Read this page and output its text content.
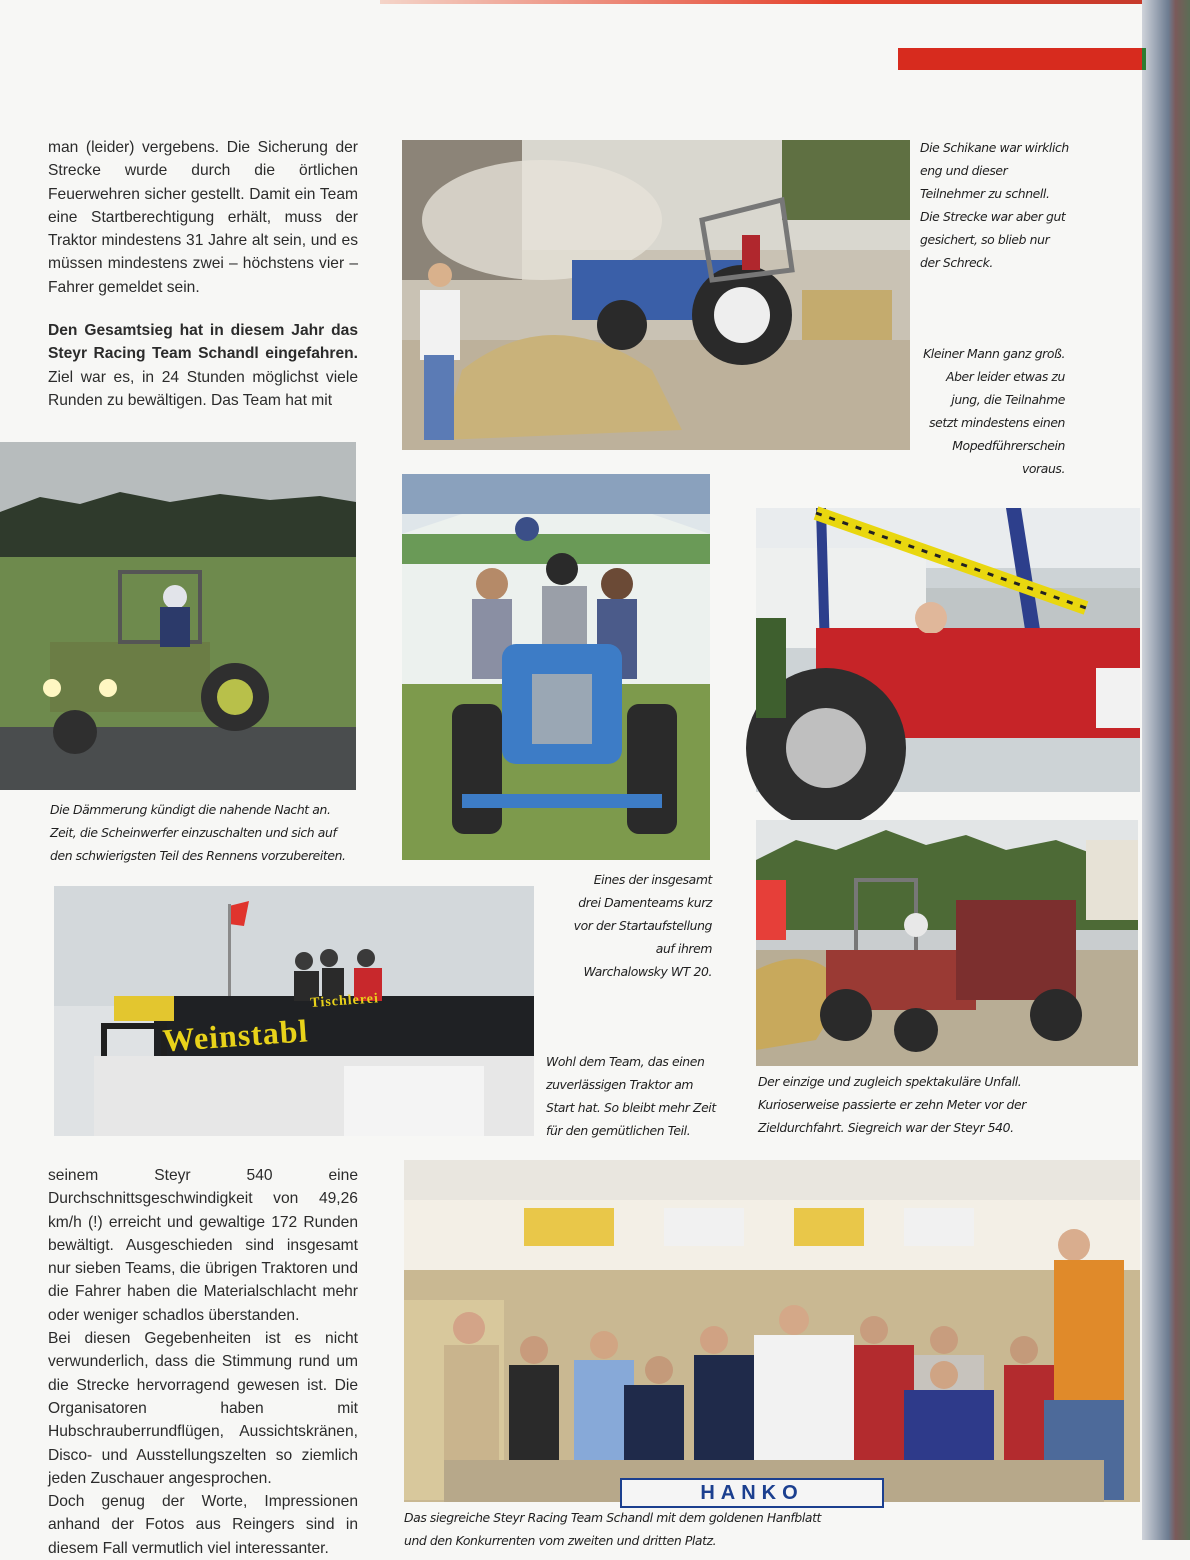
man (leider) vergebens. Die Sicherung der Strecke wurde durch die örtlichen Feuerwehren sicher gestellt. Damit ein Team eine Startberechtigung erhält, muss der Traktor mindestens 31 Jahre alt sein, und es müssen mindestens zwei – höchstens vier – Fahrer gemeldet sein.

Den Gesamtsieg hat in diesem Jahr das Steyr Racing Team Schandl eingefahren. Ziel war es, in 24 Stunden möglichst viele Runden zu bewältigen. Das Team hat mit

Die Schikane war wirklich eng und dieser Teilnehmer zu schnell. Die Strecke war aber gut gesichert, so blieb nur der Schreck.
Kleiner Mann ganz groß. Aber leider etwas zu jung, die Teilnahme setzt mindestens einen Mopedführerschein voraus.
Die Dämmerung kündigt die nahende Nacht an. Zeit, die Scheinwerfer einzuschalten und sich auf den schwierigsten Teil des Rennens vorzubereiten.
Eines der insgesamt drei Damenteams kurz vor der Startaufstellung auf ihrem Warchalowsky WT 20.
Der einzige und zugleich spektakuläre Unfall. Kurioserweise passierte er zehn Meter vor der Zieldurchfahrt. Siegreich war der Steyr 540.
Tischlerei
Weinstabl
Wohl dem Team, das einen zuverlässigen Traktor am Start hat. So bleibt mehr Zeit für den gemütlichen Teil.

seinem Steyr 540 eine Durchschnittsgeschwindigkeit von 49,26 km/h (!) erreicht und gewaltige 172 Runden bewältigt. Ausgeschieden sind insgesamt nur sieben Teams, die übrigen Traktoren und die Fahrer haben die Materialschlacht mehr oder weniger schadlos überstanden.

Bei diesen Gegebenheiten ist es nicht verwunderlich, dass die Stimmung rund um die Strecke hervorragend gewesen ist. Die Organisatoren haben mit Hubschrauberrundflügen, Aussichtskränen, Disco- und Ausstellungszelten so ziemlich jeden Zuschauer angesprochen.

Doch genug der Worte, Impressionen anhand der Fotos aus Reingers sind in diesem Fall vermutlich viel interessanter.

HANKO
Das siegreiche Steyr Racing Team Schandl mit dem goldenen Hanfblatt und den Konkurrenten vom zweiten und dritten Platz.
